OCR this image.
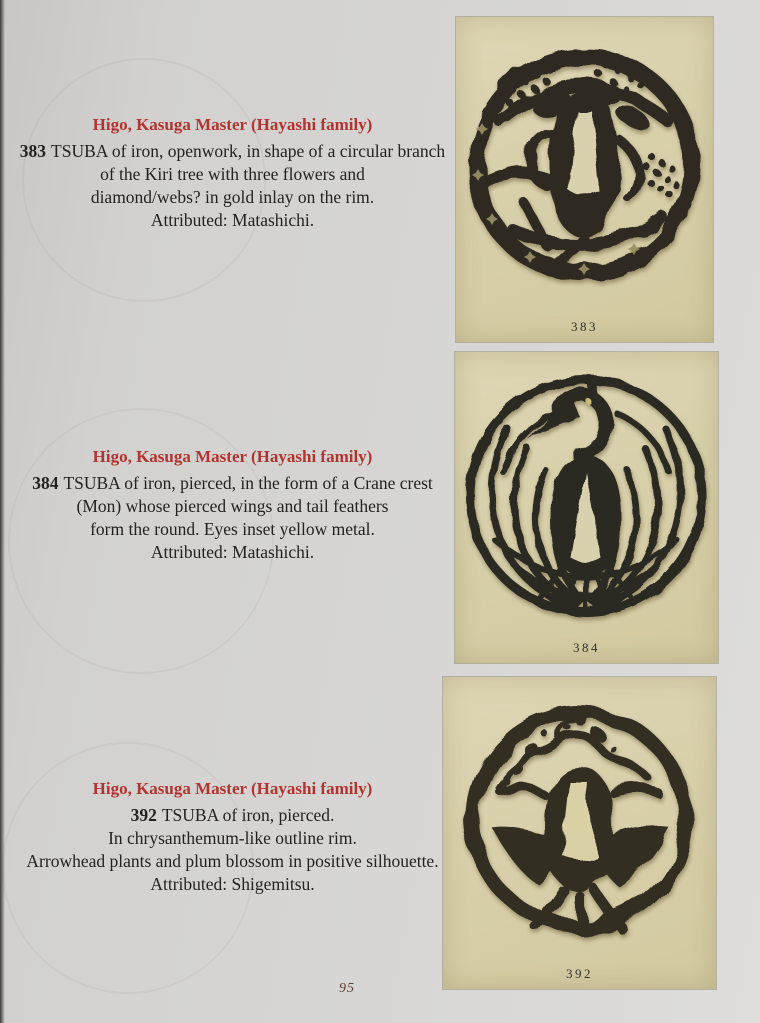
Higo, Kasuga Master (Hayashi family)

383 TSUBA of iron, openwork, in shape of a circular branch

of the Kiri tree with three flowers and

diamond/webs? in gold inlay on the rim.

Attributed: Matashichi.

Higo, Kasuga Master (Hayashi family)

384 TSUBA of iron, pierced, in the form of a Crane crest

(Mon) whose pierced wings and tail feathers

form the round. Eyes inset yellow metal.

Attributed: Matashichi.

Higo, Kasuga Master (Hayashi family)

392 TSUBA of iron, pierced.

In chrysanthemum-like outline rim.

Arrowhead plants and plum blossom in positive silhouette.

Attributed: Shigemitsu.

383
384
392
95
